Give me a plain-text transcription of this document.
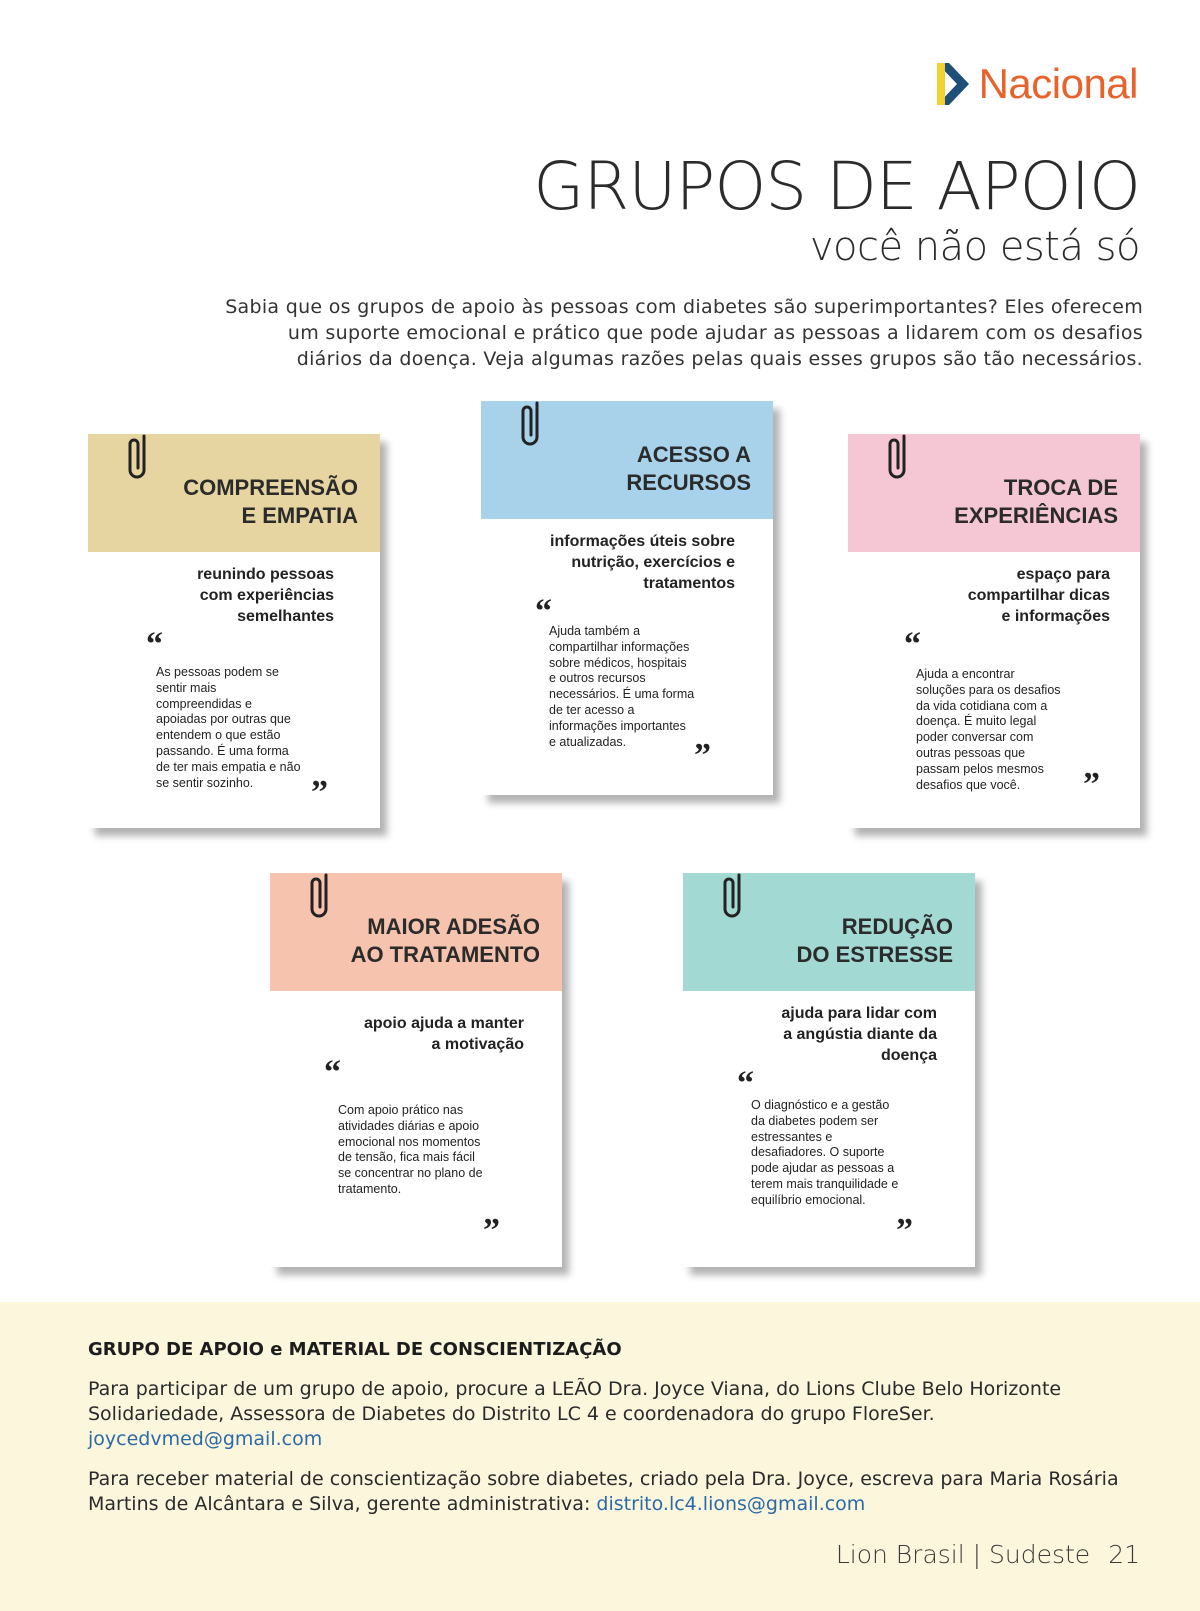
Nacional
GRUPOS DE APOIO
você não está só
Sabia que os grupos de apoio às pessoas com diabetes são superimportantes? Eles oferecem
um suporte emocional e prático que pode ajudar as pessoas a lidarem com os desafios
diários da doença. Veja algumas razões pelas quais esses grupos são tão necessários.
COMPREENSÃO
E EMPATIA
reunindo pessoas
com experiências
semelhantes
“
As pessoas podem se
sentir mais
compreendidas e
apoiadas por outras que
entendem o que estão
passando. É uma forma
de ter mais empatia e não
se sentir sozinho.	”
ACESSO A
RECURSOS
informações úteis sobre
nutrição, exercícios e
tratamentos
“
Ajuda também a
compartilhar informações
sobre médicos, hospitais
e outros recursos
necessários. É uma forma
de ter acesso a
informações importantes
e atualizadas.	”
TROCA DE
EXPERIÊNCIAS
espaço para
compartilhar dicas
e informações
“
Ajuda a encontrar
soluções para os desafios
da vida cotidiana com a
doença. É muito legal
poder conversar com
outras pessoas que
passam pelos mesmos
desafios que você.	”
MAIOR ADESÃO
AO TRATAMENTO
apoio ajuda a manter
a motivação
“
Com apoio prático nas
atividades diárias e apoio
emocional nos momentos
de tensão, fica mais fácil
se concentrar no plano de
tratamento.
”
REDUÇÃO
DO ESTRESSE
ajuda para lidar com
a angústia diante da
doença
“
O diagnóstico e a gestão
da diabetes podem ser
estressantes e
desafiadores. O suporte
pode ajudar as pessoas a
terem mais tranquilidade e
equilíbrio emocional.
”
GRUPO DE APOIO e MATERIAL DE CONSCIENTIZAÇÃO
Para participar de um grupo de apoio, procure a LEÃO Dra. Joyce Viana, do Lions Clube Belo Horizonte
Solidariedade, Assessora de Diabetes do Distrito LC 4 e coordenadora do grupo FloreSer.
joycedvmed@gmail.com
Para receber material de conscientização sobre diabetes, criado pela Dra. Joyce, escreva para Maria Rosária
Martins de Alcântara e Silva, gerente administrativa: distrito.lc4.lions@gmail.com
Lion Brasil | Sudeste 21
